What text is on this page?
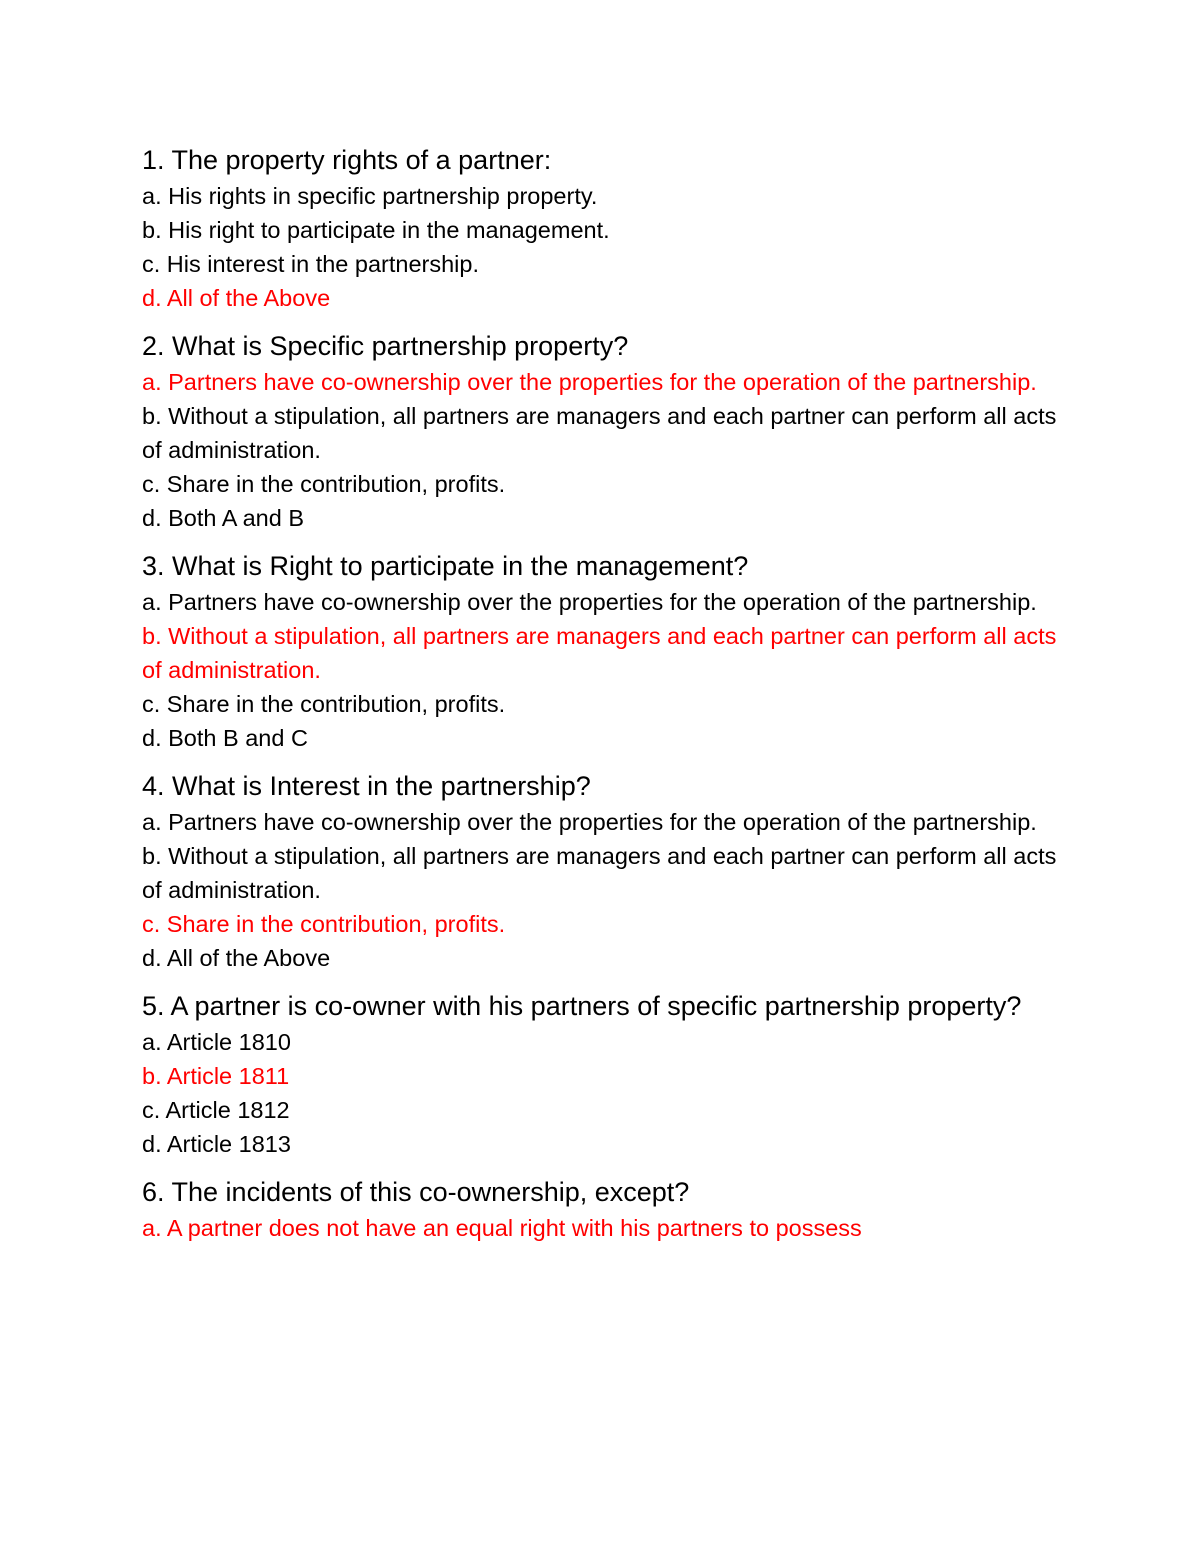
1. The property rights of a partner:

a. His rights in specific partnership property.
b. His right to participate in the management.
c. His interest in the partnership.
d. All of the Above

2. What is Specific partnership property?

a. Partners have co-ownership over the properties for the operation of the partnership.
b. Without a stipulation, all partners are managers and each partner can perform all acts of administration.
c. Share in the contribution, profits.
d. Both A and B

3. What is Right to participate in the management?

a. Partners have co-ownership over the properties for the operation of the partnership.
b. Without a stipulation, all partners are managers and each partner can perform all acts of administration.
c. Share in the contribution, profits.
d. Both B and C

4. What is Interest in the partnership?

a. Partners have co-ownership over the properties for the operation of the partnership.
b. Without a stipulation, all partners are managers and each partner can perform all acts of administration.
c. Share in the contribution, profits.
d. All of the Above

5. A partner is co-owner with his partners of specific partnership property?

a. Article 1810
b. Article 1811
c. Article 1812
d. Article 1813

6. The incidents of this co-ownership, except?

a. A partner does not have an equal right with his partners to possess
